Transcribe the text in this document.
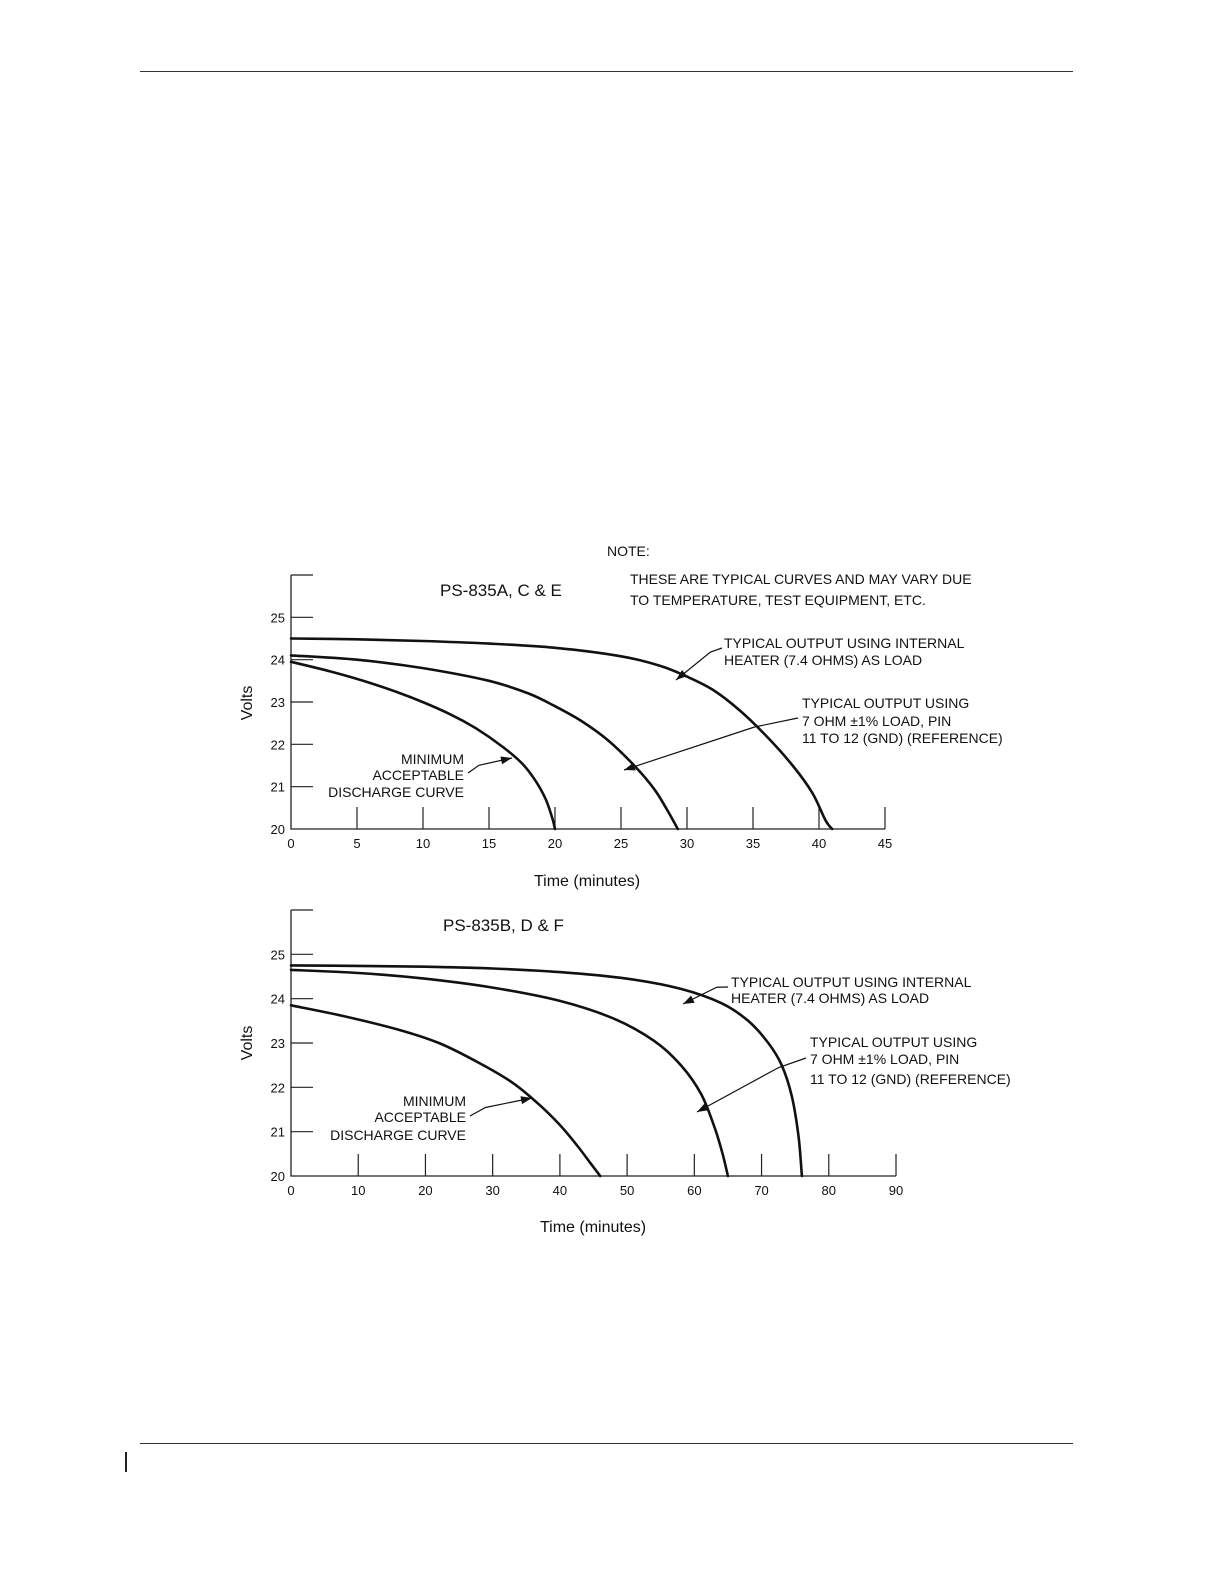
NOTE:
THESE ARE TYPICAL CURVES AND MAY VARY DUE
TO TEMPERATURE, TEST EQUIPMENT, ETC.
20
21
22
23
24
25
0	5	10	15	20	25	30	35	40	45
PS-835A, C & E
Time (minutes)
Volts
TYPICAL OUTPUT USING INTERNAL
HEATER (7.4 OHMS) AS LOAD
TYPICAL OUTPUT USING
7 OHM ±1% LOAD, PIN
11 TO 12 (GND) (REFERENCE)
MINIMUM
ACCEPTABLE
DISCHARGE CURVE
20
21
22
23
24
25
0	10	20	30	40	50	60	70	80	90
PS-835B, D & F
Time (minutes)
Volts
TYPICAL OUTPUT USING INTERNAL
HEATER (7.4 OHMS) AS LOAD
TYPICAL OUTPUT USING
7 OHM ±1% LOAD, PIN
11 TO 12 (GND) (REFERENCE)
MINIMUM
ACCEPTABLE
DISCHARGE CURVE
